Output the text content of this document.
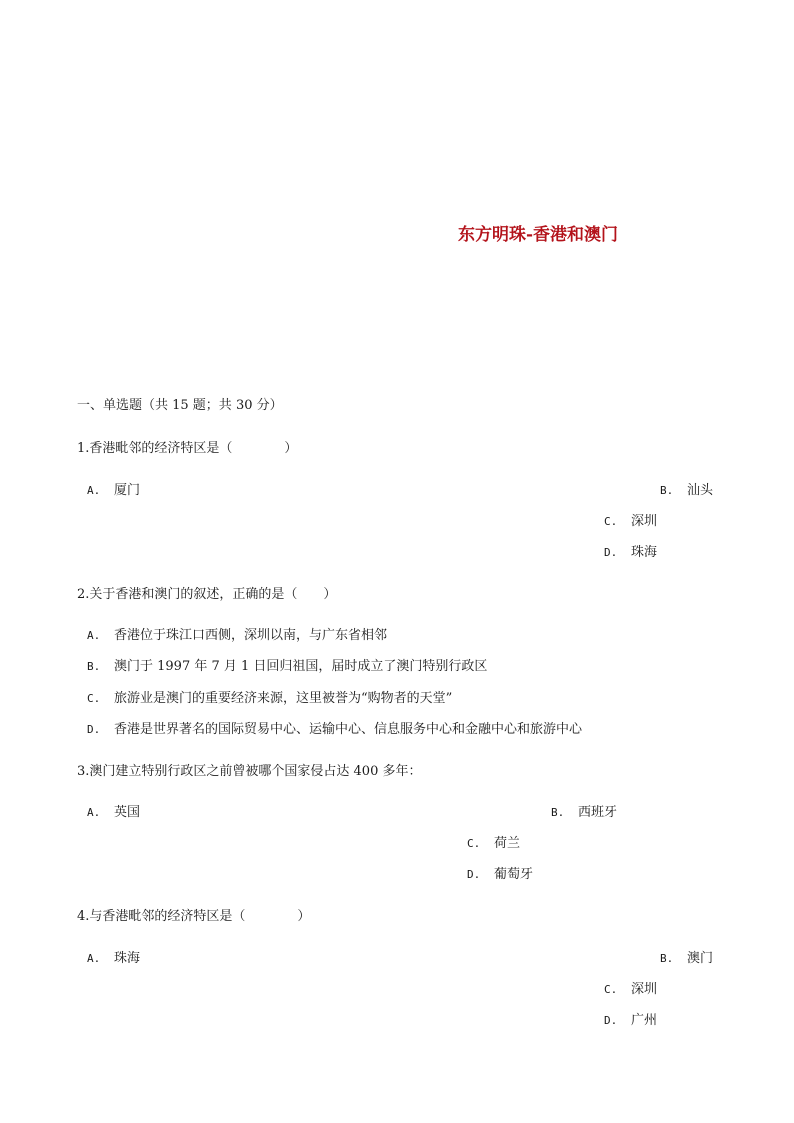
东方明珠-香港和澳门
一、单选题（共 15 题；共 30 分）
1.香港毗邻的经济特区是（　　　　）
A. 厦门	B. 汕头
C. 深圳
D. 珠海
2.关于香港和澳门的叙述，正确的是（　　）
A. 香港位于珠江口西侧，深圳以南，与广东省相邻
B. 澳门于 1997 年 7 月 1 日回归祖国，届时成立了澳门特别行政区
C. 旅游业是澳门的重要经济来源，这里被誉为“购物者的天堂”
D. 香港是世界著名的国际贸易中心、运输中心、信息服务中心和金融中心和旅游中心
3.澳门建立特别行政区之前曾被哪个国家侵占达 400 多年：
A. 英国	B. 西班牙
C. 荷兰
D. 葡萄牙
4.与香港毗邻的经济特区是（　　　　）
A. 珠海	B. 澳门
C. 深圳
D. 广州
